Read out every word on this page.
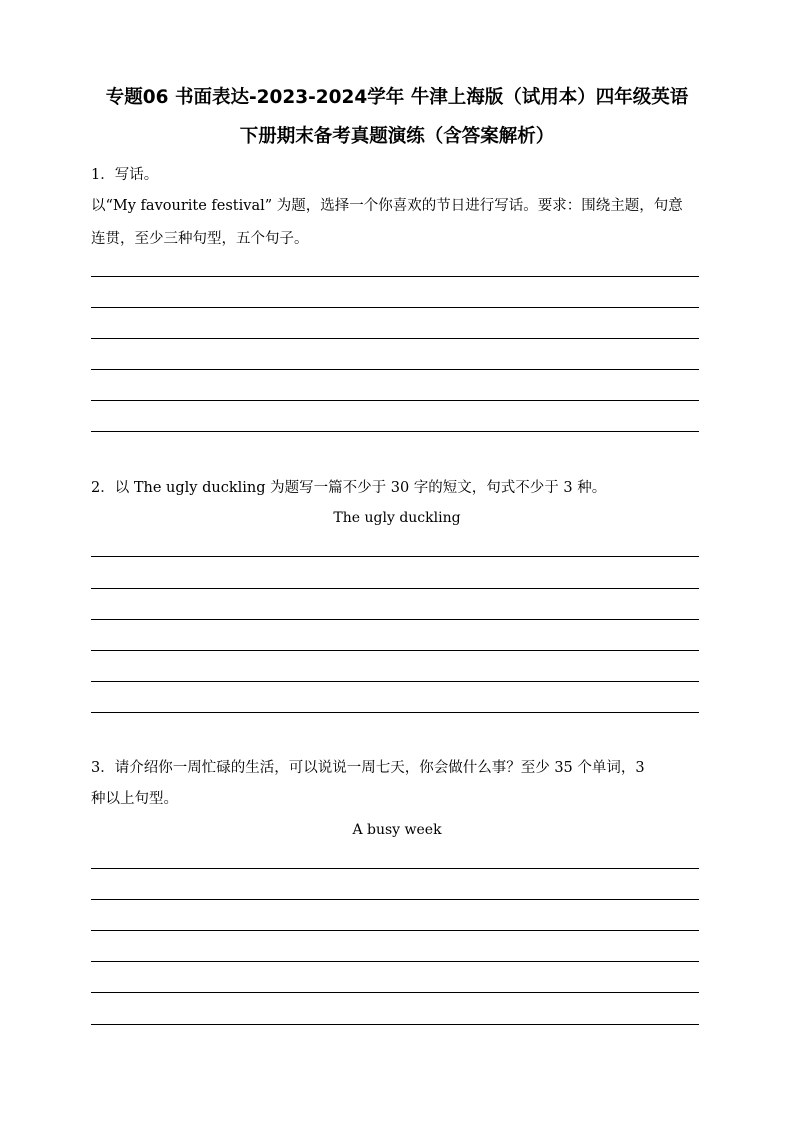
专题06 书面表达-2023-2024学年 牛津上海版（试用本）四年级英语
下册期末备考真题演练（含答案解析）

1．写话。

以“My favourite festival” 为题，选择一个你喜欢的节日进行写话。要求：围绕主题，句意

连贯，至少三种句型，五个句子。

2．以 The ugly duckling 为题写一篇不少于 30 字的短文，句式不少于 3 种。

The ugly duckling

3．请介绍你一周忙碌的生活，可以说说一周七天，你会做什么事？至少 35 个单词，3

种以上句型。

A busy week
